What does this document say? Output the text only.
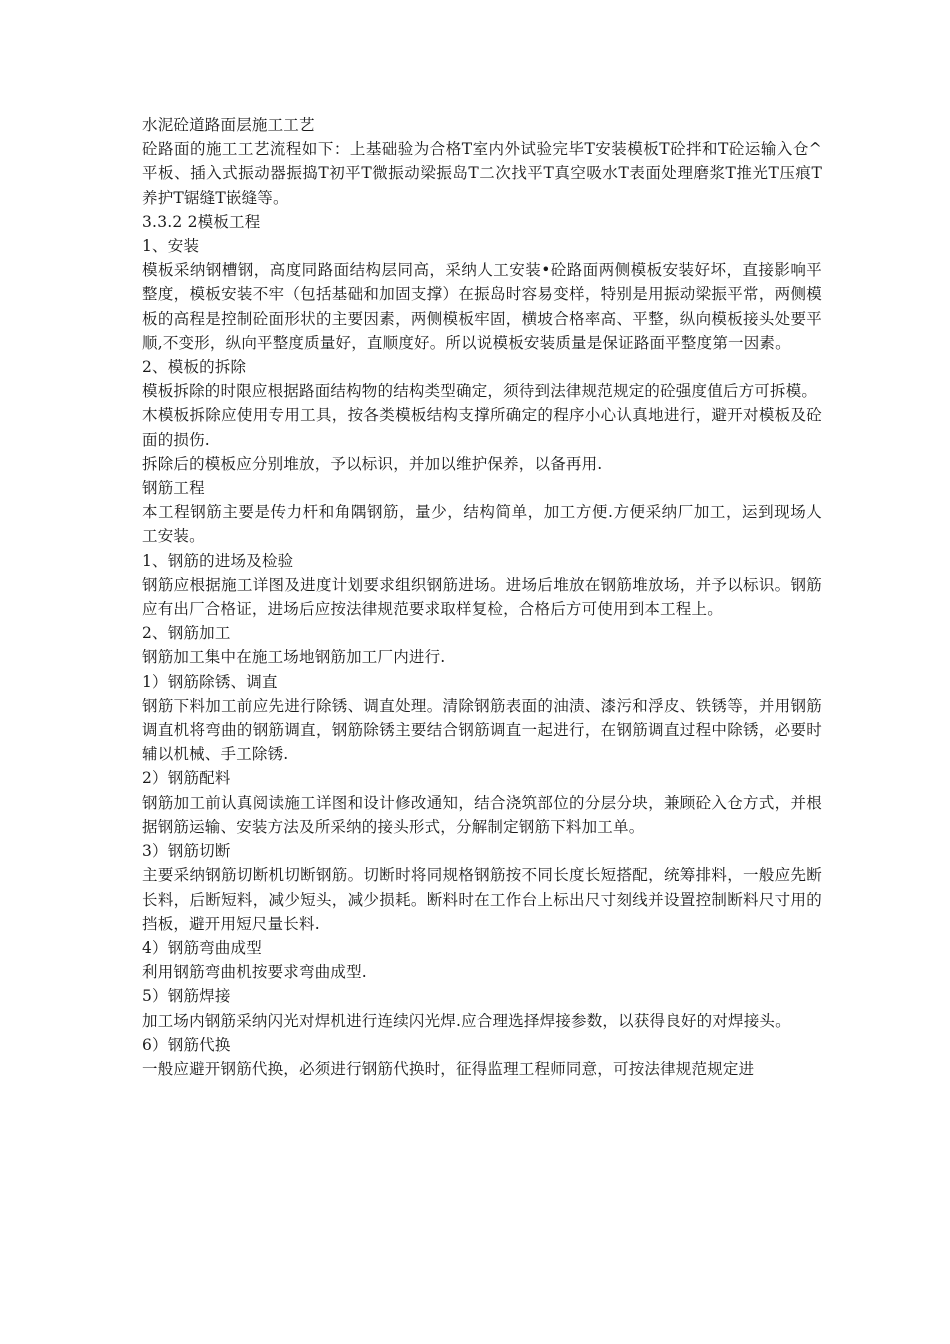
水泥砼道路面层施工工艺

砼路面的施工工艺流程如下：上基础验为合格T室内外试验完毕T安装模板T砼拌和T砼运输入仓^平板、插入式振动器振捣T初平T微振动梁振岛T二次找平T真空吸水T表面处理磨浆T推光T压痕T养护T锯缝T嵌缝等。

3.3.2 2模板工程

1、安装

模板采纳钢槽钢，高度同路面结构层同高，采纳人工安装•砼路面两侧模板安装好坏，直接影响平整度，模板安装不牢（包括基础和加固支撑）在振岛时容易变样，特别是用振动梁振平常，两侧模板的高程是控制砼面形状的主要因素，两侧模板牢固，横坡合格率高、平整，纵向模板接头处要平顺,不变形，纵向平整度质量好，直顺度好。所以说模板安装质量是保证路面平整度第一因素。

2、模板的拆除

模板拆除的时限应根据路面结构物的结构类型确定，须待到法律规范规定的砼强度值后方可拆模。

木模板拆除应使用专用工具，按各类模板结构支撑所确定的程序小心认真地进行，避开对模板及砼面的损伤.

拆除后的模板应分别堆放，予以标识，并加以维护保养，以备再用.

钢筋工程

本工程钢筋主要是传力杆和角隅钢筋，量少，结构简单，加工方便.方便采纳厂加工，运到现场人工安装。

1、钢筋的进场及检验

钢筋应根据施工详图及进度计划要求组织钢筋进场。进场后堆放在钢筋堆放场，并予以标识。钢筋应有出厂合格证，进场后应按法律规范要求取样复检，合格后方可使用到本工程上。

2、钢筋加工

钢筋加工集中在施工场地钢筋加工厂内进行.

1）钢筋除锈、调直

钢筋下料加工前应先进行除锈、调直处理。清除钢筋表面的油渍、漆污和浮皮、铁锈等，并用钢筋调直机将弯曲的钢筋调直，钢筋除锈主要结合钢筋调直一起进行，在钢筋调直过程中除锈，必要时辅以机械、手工除锈.

2）钢筋配料

钢筋加工前认真阅读施工详图和设计修改通知，结合浇筑部位的分层分块，兼顾砼入仓方式，并根据钢筋运输、安装方法及所采纳的接头形式，分解制定钢筋下料加工单。

3）钢筋切断

主要采纳钢筋切断机切断钢筋。切断时将同规格钢筋按不同长度长短搭配，统筹排料，一般应先断长料，后断短料，减少短头，减少损耗。断料时在工作台上标出尺寸刻线并设置控制断料尺寸用的挡板，避开用短尺量长料.

4）钢筋弯曲成型

利用钢筋弯曲机按要求弯曲成型.

5）钢筋焊接

加工场内钢筋采纳闪光对焊机进行连续闪光焊.应合理选择焊接参数，以获得良好的对焊接头。

6）钢筋代换

一般应避开钢筋代换，必须进行钢筋代换时，征得监理工程师同意，可按法律规范规定进
